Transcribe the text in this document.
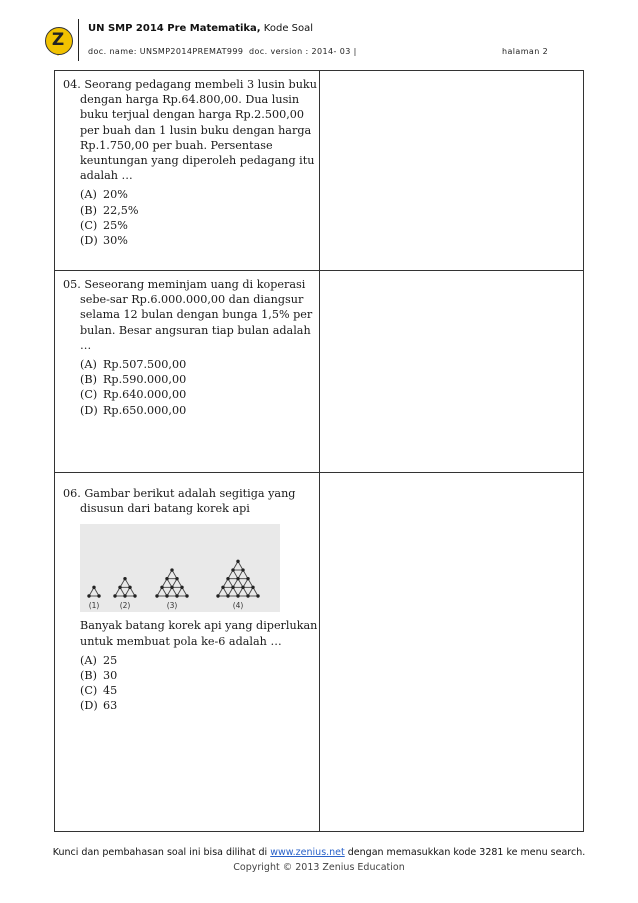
Z
UN SMP 2014 Pre Matematika, Kode Soal
doc. name: UNSMP2014PREMAT999 doc. version : 2014- 03 |	halaman 2
04. Seorang pedagang membeli 3 lusin buku dengan harga Rp.64.800,00. Dua lusin buku terjual dengan harga Rp.2.500,00 per buah dan 1 lusin buku dengan harga Rp.1.750,00 per buah. Persentase keuntungan yang diperoleh pedagang itu adalah …
(A) 20%
(B) 22,5%
(C) 25%
(D) 30%
05. Seseorang meminjam uang di koperasi sebe-sar Rp.6.000.000,00 dan diangsur selama 12 bulan dengan bunga 1,5% per bulan. Besar angsuran tiap bulan adalah …
(A) Rp.507.500,00
(B) Rp.590.000,00
(C) Rp.640.000,00
(D) Rp.650.000,00
06. Gambar berikut adalah segitiga yang disusun dari batang korek api
(1)	(2)	(3)	(4)
Banyak batang korek api yang diperlukan untuk membuat pola ke-6 adalah …
(A) 25
(B) 30
(C) 45
(D) 63
Kunci dan pembahasan soal ini bisa dilihat di www.zenius.net dengan memasukkan kode 3281 ke menu search.
Copyright © 2013 Zenius Education
